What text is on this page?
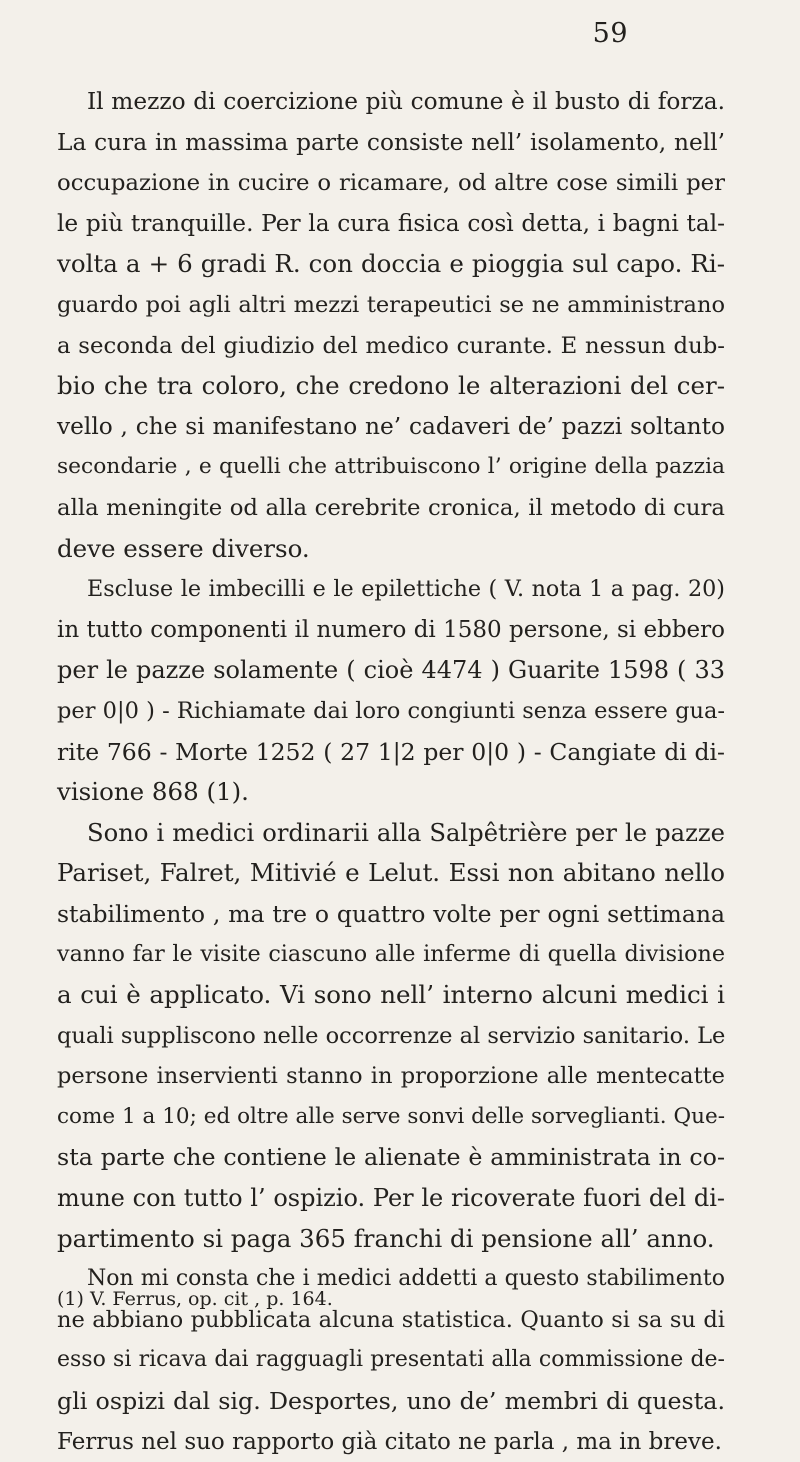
59
Il mezzo di coercizione più comune è il busto di forza.
La cura in massima parte consiste nell’ isolamento, nell’
occupazione in cucire o ricamare, od altre cose simili per
le più tranquille. Per la cura fisica così detta, i bagni tal-
volta a + 6 gradi R. con doccia e pioggia sul capo. Ri-
guardo poi agli altri mezzi terapeutici se ne amministrano
a seconda del giudizio del medico curante. E nessun dub-
bio che tra coloro, che credono le alterazioni del cer-
vello , che si manifestano ne’ cadaveri de’ pazzi soltanto
secondarie , e quelli che attribuiscono l’ origine della pazzia
alla meningite od alla cerebrite cronica, il metodo di cura
deve essere diverso.
Escluse le imbecilli e le epilettiche ( V. nota 1 a pag. 20)
in tutto componenti il numero di 1580 persone, si ebbero
per le pazze solamente ( cioè 4474 ) Guarite 1598 ( 33
per 0|0 ) - Richiamate dai loro congiunti senza essere gua-
rite 766 - Morte 1252 ( 27 1|2 per 0|0 ) - Cangiate di di-
visione 868 (1).
Sono i medici ordinarii alla Salpêtrière per le pazze
Pariset, Falret, Mitivié e Lelut. Essi non abitano nello
stabilimento , ma tre o quattro volte per ogni settimana
vanno far le visite ciascuno alle inferme di quella divisione
a cui è applicato. Vi sono nell’ interno alcuni medici i
quali suppliscono nelle occorrenze al servizio sanitario. Le
persone inservienti stanno in proporzione alle mentecatte
come 1 a 10; ed oltre alle serve sonvi delle sorveglianti. Que-
sta parte che contiene le alienate è amministrata in co-
mune con tutto l’ ospizio. Per le ricoverate fuori del di-
partimento si paga 365 franchi di pensione all’ anno.
Non mi consta che i medici addetti a questo stabilimento
ne abbiano pubblicata alcuna statistica. Quanto si sa su di
esso si ricava dai ragguagli presentati alla commissione de-
gli ospizi dal sig. Desportes, uno de’ membri di questa.
Ferrus nel suo rapporto già citato ne parla , ma in breve.
(1) V. Ferrus, op. cit , p. 164.
